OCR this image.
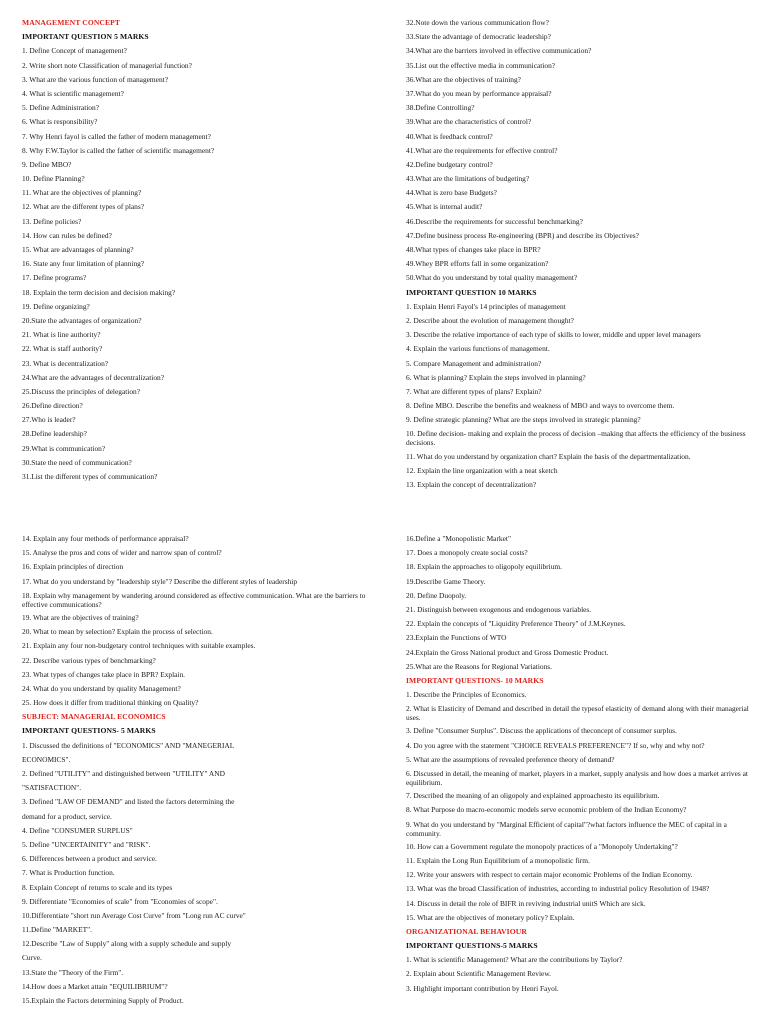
MANAGEMENT CONCEPT
IMPORTANT QUESTION 5 MARKS
1. Define Concept of management?
2. Write short note Classification of managerial function?
3. What are the various function of management?
4. What is scientific management?
5. Define Administration?
6. What is responsibility?
7. Why Henri fayol is called the father of modern management?
8. Why F.W.Taylor is called the father of scientific management?
9. Define MBO?
10. Define Planning?
11. What are the objectives of planning?
12. What are the different types of plans?
13. Define policies?
14. How can rules be defined?
15. What are advantages of planning?
16. State any four limitation of planning?
17. Define programs?
18. Explain the term decision and decision making?
19. Define organizing?
20.State the advantages of organization?
21. What is line authority?
22. What is staff authority?
23. What is decentralization?
24.What are the advantages of decentralization?
25.Discuss the principles of delegation?
26.Define direction?
27.Who is leader?
28.Define leadership?
29.What is communication?
30.State the need of communication?
31.List the different types of communication?
32.Note down the various communication flow?
33.State the advantage of democratic leadership?
34.What are the barriers involved in effective communication?
35.List out the effective media in communication?
36.What are the objectives of training?
37.What do you mean by performance appraisal?
38.Define Controlling?
39.What are the characteristics of control?
40.What is feedback control?
41.What are the requirements for effective control?
42.Define budgetary control?
43.What are the limitations of budgeting?
44.What is zero base Budgets?
45.What is internal audit?
46.Describe the requirements for successful benchmarking?
47.Define business process Re-engineering (BPR) and describe its Objectives?
48.What types of changes take place in BPR?
49.Whey BPR efforts fall in some organization?
50.What do you understand by total quality management?
IMPORTANT QUESTION 10 MARKS
1. Explain Henri Fayol's 14 principles of management
2. Describe about the evolution of management thought?
3. Describe the relative importance of each type of skills to lower, middle and upper level managers
4. Explain the various functions of management.
5. Compare Management and administration?
6. What is planning? Explain the steps involved in planning?
7. What are different types of plans? Explain?
8. Define MBO. Describe the benefits and weakness of MBO and ways to overcome them.
9. Define strategic planning? What are the steps involved in strategic planning?
10. Define decision- making and explain the process of decision –making that affects the efficiency of the business decisions.
11. What do you understand by organization chart? Explain the basis of the departmentalization.
12. Explain the line organization with a neat sketch
13. Explain the concept of decentralization?
14. Explain any four methods of performance appraisal?
15. Analyse the pros and cons of wider and narrow span of control?
16. Explain principles of direction
17. What do you understand by "leadership style"? Describe the different styles of leadership
18. Explain why management by wandering around considered as effective communication. What are the barriers to effective communications?
19. What are the objectives of training?
20. What to mean by selection? Explain the process of selection.
21. Explain any four non-budgetary control techniques with suitable examples.
22. Describe various types of benchmarking?
23. What types of changes take place in BPR? Explain.
24. What do you understand by quality Management?
25. How does it differ from traditional thinking on Quality?
SUBJECT: MANAGERIAL ECONOMICS
IMPORTANT QUESTIONS- 5 MARKS
1. Discussed the definitions of "ECONOMICS" AND "MANEGERIAL
ECONOMICS".
2. Defined "UTILITY" and distinguished between "UTILITY" AND
"SATISFACTION".
3. Defined "LAW OF DEMAND" and listed the factors determining the
demand for a product, service.
4. Define "CONSUMER SURPLUS"
5. Define "UNCERTAINITY" and "RISK".
6. Differences between a product and service.
7. What is Production function.
8. Explain Concept of returns to scale and its types
9. Differentiate "Economies of scale" from "Economies of scope".
10.Differentiate "short run Average Cost Curve" from "Long run AC curve"
11.Define "MARKET".
12.Describe "Law of Supply" along with a supply schedule and supply
Curve.
13.State the "Theory of the Firm".
14.How does a Market attain "EQUILIBRIUM"?
15.Explain the Factors determining Supply of Product.
16.Define a "Monopolistic Market"
17. Does a monopoly create social costs?
18. Explain the approaches to oligopoly equilibrium.
19.Describe Game Theory.
20. Define Duopoly.
21. Distinguish between exogenous and endogenous variables.
22. Explain the concepts of "Liquidity Preference Theory" of J.M.Keynes.
23.Explain the Functions of WTO
24.Explain the Gross National product and Gross Domestic Product.
25.What are the Reasons for Regional Variations.
IMPORTANT QUESTIONS- 10 MARKS
1. Describe the Principles of Economics.
2. What is Elasticity of Demand and described in detail the typesof elasticity of demand along with their managerial uses.
3. Define "Consumer Surplus". Discuss the applications of theconcept of consumer surplus.
4. Do you agree with the statement "CHOICE REVEALS PREFERENCE"? If so, why and why not?
5. What are the assumptions of revealed preference theory of demand?
6. Discussed in detail, the meaning of market, players in a market, supply analysis and how does a market arrives at equilibrium.
7. Described the meaning of an oligopoly and explained approachesto its equilibrium.
8. What Purpose do macro-economic models serve economic problem of the Indian Economy?
9. What do you understand by "Marginal Efficient of capital"?what factors influence the MEC of capital in a community.
10. How can a Government regulate the monopoly practices of a "Monopoly Undertaking"?
11. Explain the Long Run Equilibrium of a monopolistic firm.
12. Write your answers with respect to certain major economic Problems of the Indian Economy.
13. What was the broad Classification of industries, according to industrial policy Resolution of 1948?
14. Discuss in detail the role of BIFR in reviving industrial unitS Which are sick.
15. What are the objectives of monetary policy? Explain.
ORGANIZATIONAL BEHAVIOUR
IMPORTANT QUESTIONS-5 MARKS
1. What is scientific Management? What are the contributions by Taylor?
2. Explain about Scientific Management Review.
3. Highlight important contribution by Henri Fayol.
